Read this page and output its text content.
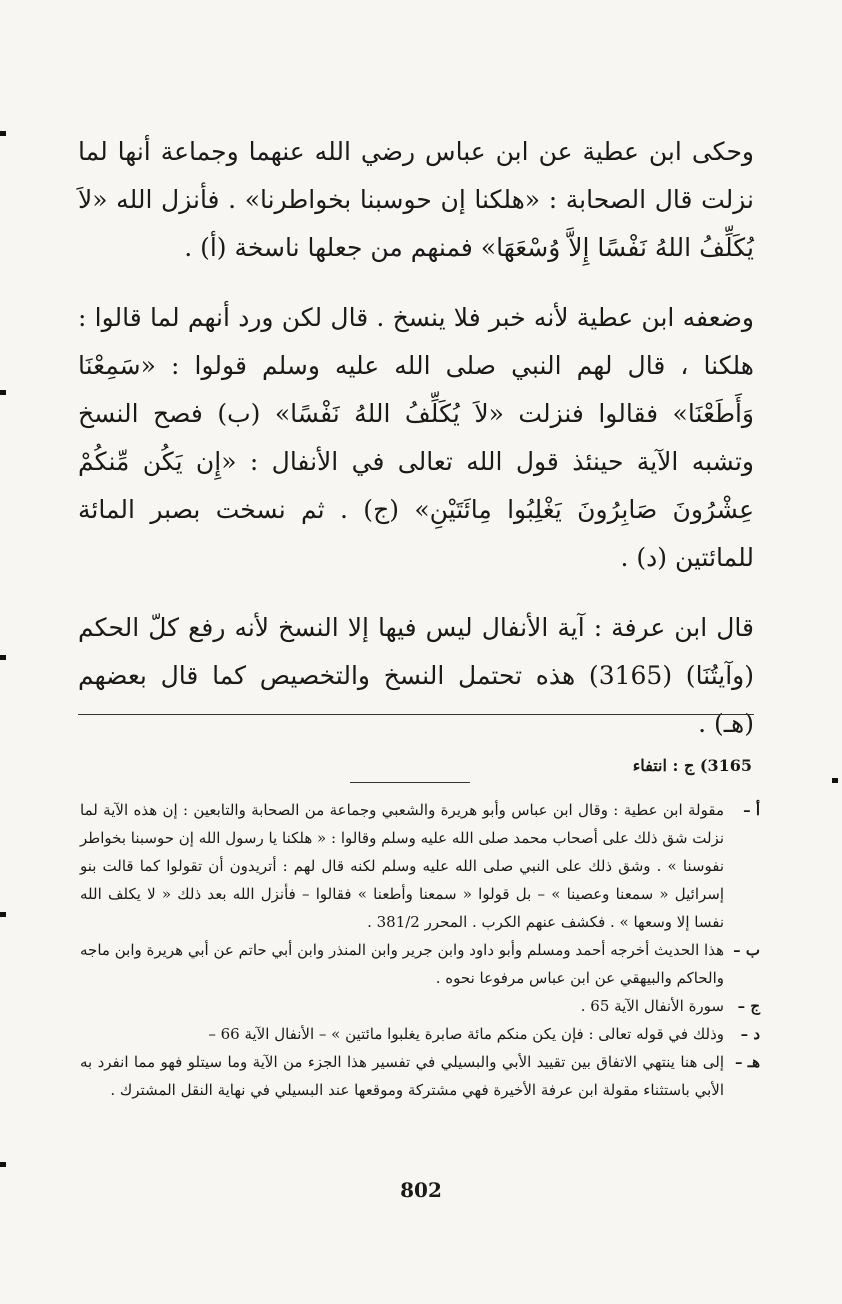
وحكى ابن عطية عن ابن عباس رضي الله عنهما وجماعة أنها لما نزلت قال الصحابة : «هلكنا إن حوسبنا بخواطرنا» . فأنزل الله «لاَ يُكَلِّفُ اللهُ نَفْسًا إِلاَّ وُسْعَهَا» فمنهم من جعلها ناسخة (أ) .

وضعفه ابن عطية لأنه خبر فلا ينسخ . قال لكن ورد أنهم لما قالوا : هلكنا ، قال لهم النبي صلى الله عليه وسلم قولوا : «سَمِعْنَا وَأَطَعْنَا» فقالوا فنزلت «لاَ يُكَلِّفُ اللهُ نَفْسًا» (ب) فصح النسخ وتشبه الآية حينئذ قول الله تعالى في الأنفال : «إِن يَكُن مِّنكُمْ عِشْرُونَ صَابِرُونَ يَغْلِبُوا مِائَتَيْنِ» (ج) . ثم نسخت بصبر المائة للمائتين (د) .

قال ابن عرفة : آية الأنفال ليس فيها إلا النسخ لأنه رفع كلّ الحكم (وآيتُنَا) (3165) هذه تحتمل النسخ والتخصيص كما قال بعضهم (هـ) .

3165) ج : انتفاء
أ –
مقولة ابن عطية : وقال ابن عباس وأبو هريرة والشعبي وجماعة من الصحابة والتابعين : إن هذه الآية لما نزلت شق ذلك على أصحاب محمد صلى الله عليه وسلم وقالوا : « هلكنا يا رسول الله إن حوسبنا بخواطر نفوسنا » . وشق ذلك على النبي صلى الله عليه وسلم لكنه قال لهم : أتريدون أن تقولوا كما قالت بنو إسرائيل « سمعنا وعصينا » – بل قولوا « سمعنا وأطعنا » فقالوا – فأنزل الله بعد ذلك « لا يكلف الله نفسا إلا وسعها » . فكشف عنهم الكرب . المحرر 381/2 .
ب –
هذا الحديث أخرجه أحمد ومسلم وأبو داود وابن جرير وابن المنذر وابن أبي حاتم عن أبي هريرة وابن ماجه والحاكم والبيهقي عن ابن عباس مرفوعا نحوه .
ج –
سورة الأنفال الآية 65 .
د –
وذلك في قوله تعالى : فإن يكن منكم مائة صابرة يغلبوا مائتين » – الأنفال الآية 66 –
هـ –
إلى هنا ينتهي الاتفاق بين تقييد الأبي والبسيلي في تفسير هذا الجزء من الآية وما سيتلو فهو مما انفرد به الأبي باستثناء مقولة ابن عرفة الأخيرة فهي مشتركة وموقعها عند البسيلي في نهاية النقل المشترك .
802
